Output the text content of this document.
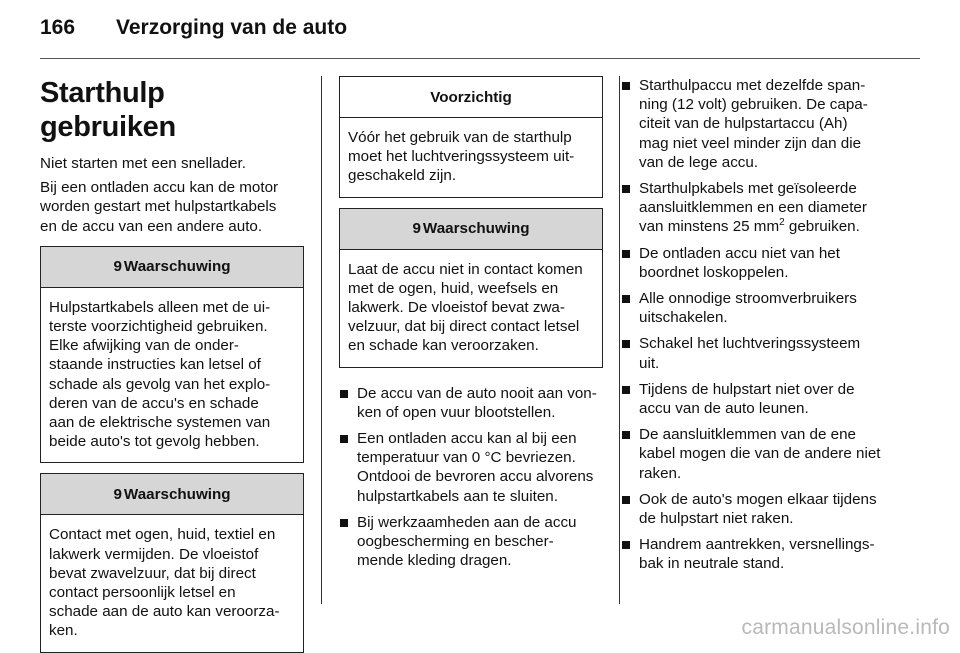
166	Verzorging van de auto
Starthulp gebruiken

Niet starten met een snellader.

Bij een ontladen accu kan de motor
worden gestart met hulpstartkabels
en de accu van een andere auto.

9 Waarschuwing
Hulpstartkabels alleen met de ui-
terste voorzichtigheid gebruiken.
Elke afwijking van de onder-
staande instructies kan letsel of
schade als gevolg van het explo-
deren van de accu's en schade
aan de elektrische systemen van
beide auto's tot gevolg hebben.
9 Waarschuwing
Contact met ogen, huid, textiel en
lakwerk vermijden. De vloeistof
bevat zwavelzuur, dat bij direct
contact persoonlijk letsel en
schade aan de auto kan veroorza-
ken.
Voorzichtig
Vóór het gebruik van de starthulp
moet het luchtveringssysteem uit-
geschakeld zijn.
9 Waarschuwing
Laat de accu niet in contact komen
met de ogen, huid, weefsels en
lakwerk. De vloeistof bevat zwa-
velzuur, dat bij direct contact letsel
en schade kan veroorzaken.
De accu van de auto nooit aan von-
ken of open vuur blootstellen.
Een ontladen accu kan al bij een
temperatuur van 0 °C bevriezen.
Ontdooi de bevroren accu alvorens
hulpstartkabels aan te sluiten.
Bij werkzaamheden aan de accu
oogbescherming en bescher-
mende kleding dragen.
Starthulpaccu met dezelfde span-
ning (12 volt) gebruiken. De capa-
citeit van de hulpstartaccu (Ah)
mag niet veel minder zijn dan die
van de lege accu.
Starthulpkabels met geïsoleerde
aansluitklemmen en een diameter
van minstens 25 $mm^2$ gebruiken.
De ontladen accu niet van het
boordnet loskoppelen.
Alle onnodige stroomverbruikers
uitschakelen.
Schakel het luchtveringssysteem
uit.
Tijdens de hulpstart niet over de
accu van de auto leunen.
De aansluitklemmen van de ene
kabel mogen die van de andere niet
raken.
Ook de auto's mogen elkaar tijdens
de hulpstart niet raken.
Handrem aantrekken, versnellings-
bak in neutrale stand.
carmanualsonline.info
